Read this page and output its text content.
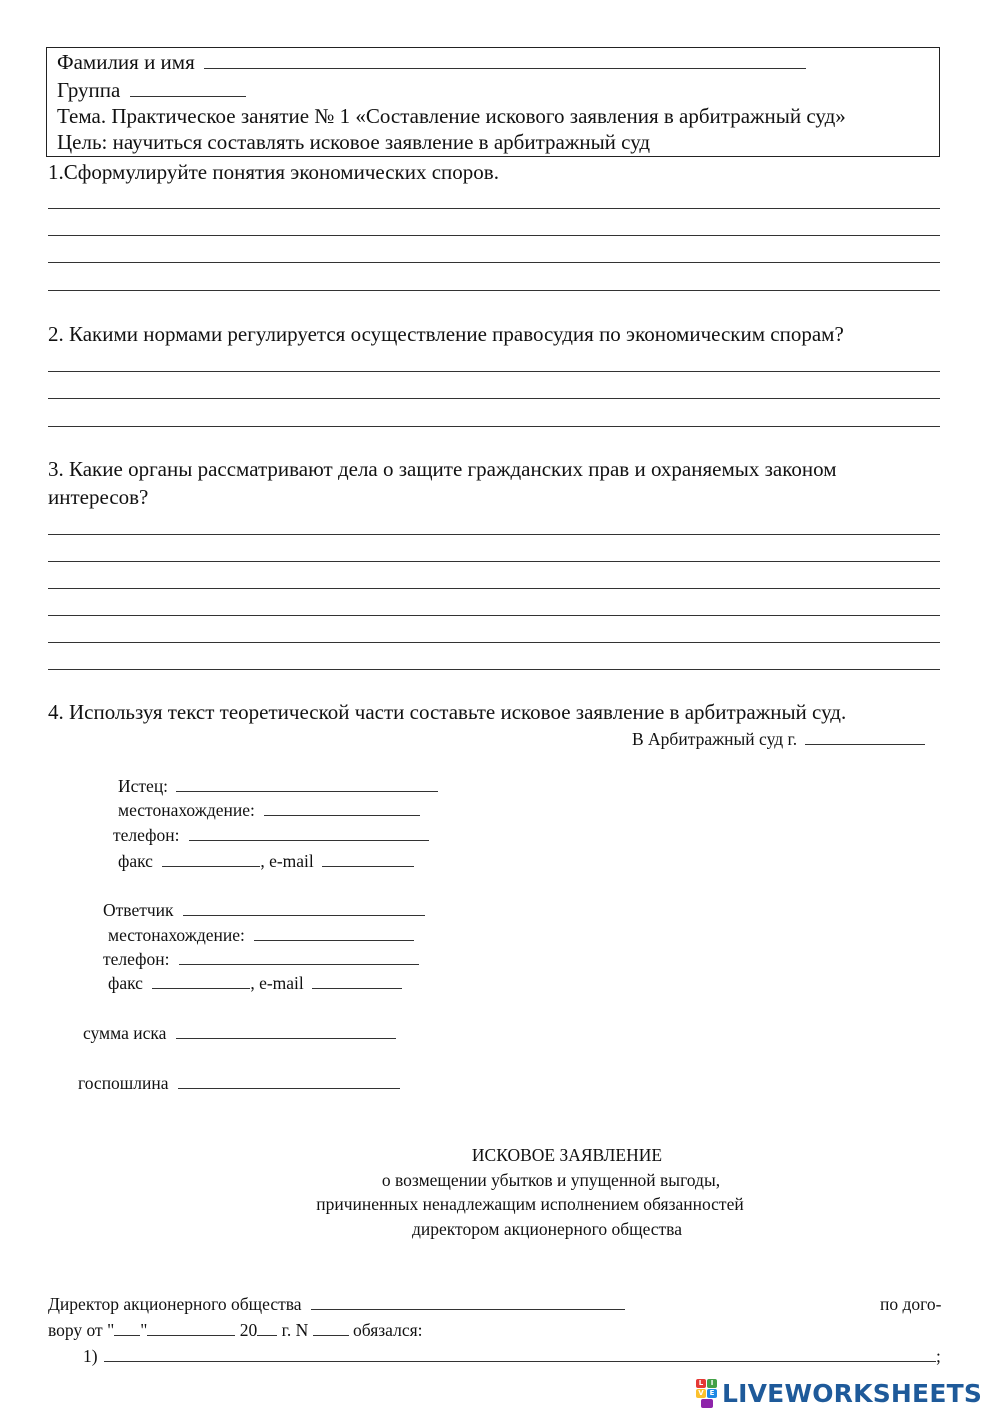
Фамилия и имя
Группа
Тема. Практическое занятие № 1 «Составление искового заявления в арбитражный суд»
Цель: научиться составлять исковое заявление в арбитражный суд
1.Сформулируйте понятия экономических споров.
2. Какими нормами регулируется осуществление правосудия по экономическим спорам?
3. Какие органы рассматривают дела о защите гражданских прав и охраняемых законом
интересов?
4. Используя текст теоретической части составьте исковое заявление в арбитражный суд.
В Арбитражный суд г.
Истец:
местонахождение:
телефон:
факс	, e-mail
Ответчик
местонахождение:
телефон:
факс	, e-mail
сумма иска
госпошлина
ИСКОВОЕ ЗАЯВЛЕНИЕ
о возмещении убытков и упущенной выгоды,
причиненных ненадлежащим исполнением обязанностей
директором акционерного общества
Директор акционерного общества	по дого-
вору от " "	20 г. N	обязался:
1)	;
L	I
V E LIVEWORKSHEETS
